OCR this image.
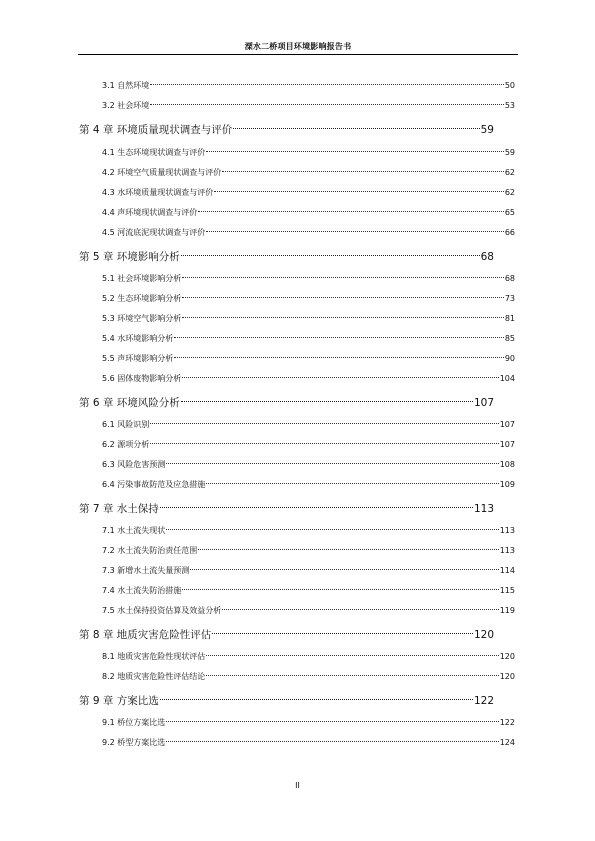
溧水二桥项目环境影响报告书
3.1 自然环境	50
3.2 社会环境	53
第 4 章 环境质量现状调查与评价	59
4.1 生态环境现状调查与评价	59
4.2 环境空气质量现状调查与评价	62
4.3 水环境质量现状调查与评价	62
4.4 声环境现状调查与评价	65
4.5 河流底泥现状调查与评价	66
第 5 章 环境影响分析	68
5.1 社会环境影响分析	68
5.2 生态环境影响分析	73
5.3 环境空气影响分析	81
5.4 水环境影响分析	85
5.5 声环境影响分析	90
5.6 固体废物影响分析	104
第 6 章 环境风险分析	107
6.1 风险识别	107
6.2 源项分析	107
6.3 风险危害预测	108
6.4 污染事故防范及应急措施	109
第 7 章 水土保持	113
7.1 水土流失现状	113
7.2 水土流失防治责任范围	113
7.3 新增水土流失量预测	114
7.4 水土流失防治措施	115
7.5 水土保持投资估算及效益分析	119
第 8 章 地质灾害危险性评估	120
8.1 地质灾害危险性现状评估	120
8.2 地质灾害危险性评估结论	120
第 9 章 方案比选	122
9.1 桥位方案比选	122
9.2 桥型方案比选	124
II
